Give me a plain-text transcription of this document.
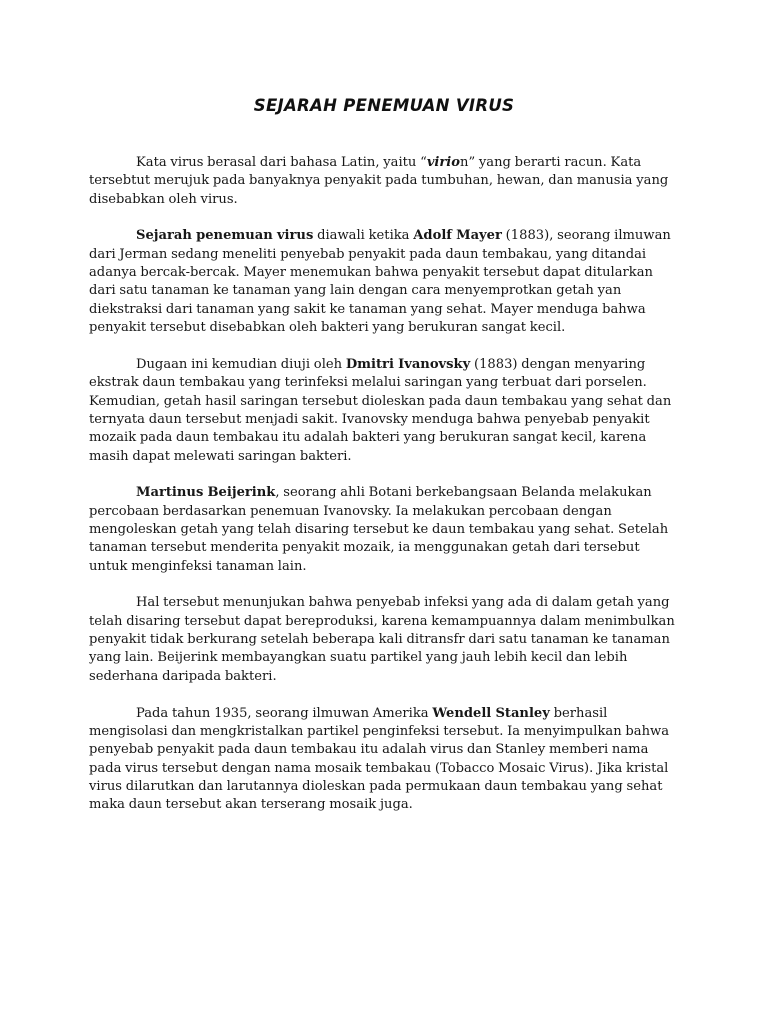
SEJARAH PENEMUAN VIRUS

Kata virus berasal dari bahasa Latin, yaitu “virion” yang berarti racun. Kata tersebtut merujuk pada banyaknya penyakit pada tumbuhan, hewan, dan manusia yang disebabkan oleh virus.

Sejarah penemuan virus diawali ketika Adolf Mayer (1883), seorang ilmuwan dari Jerman sedang meneliti penyebab penyakit pada daun tembakau, yang ditandai adanya bercak-bercak. Mayer menemukan bahwa penyakit tersebut dapat ditularkan dari satu tanaman ke tanaman yang lain dengan cara menyemprotkan getah yan diekstraksi dari tanaman yang sakit ke tanaman yang sehat. Mayer menduga bahwa penyakit tersebut disebabkan oleh bakteri yang berukuran sangat kecil.

Dugaan ini kemudian diuji oleh Dmitri Ivanovsky (1883) dengan menyaring ekstrak daun tembakau yang terinfeksi melalui saringan yang terbuat dari porselen. Kemudian, getah hasil saringan tersebut dioleskan pada daun tembakau yang sehat dan ternyata daun tersebut menjadi sakit. Ivanovsky menduga bahwa penyebab penyakit mozaik pada daun tembakau itu adalah bakteri yang berukuran sangat kecil, karena masih dapat melewati saringan bakteri.

Martinus Beijerink, seorang ahli Botani berkebangsaan Belanda melakukan percobaan berdasarkan penemuan Ivanovsky. Ia melakukan percobaan dengan mengoleskan getah yang telah disaring tersebut ke daun tembakau yang sehat. Setelah tanaman tersebut menderita penyakit mozaik, ia menggunakan getah dari tersebut untuk menginfeksi tanaman lain.

Hal tersebut menunjukan bahwa penyebab infeksi yang ada di dalam getah yang telah disaring tersebut dapat bereproduksi, karena kemampuannya dalam menimbulkan penyakit tidak berkurang setelah beberapa kali ditransfr dari satu tanaman ke tanaman yang lain. Beijerink membayangkan suatu partikel yang jauh lebih kecil dan lebih sederhana daripada bakteri.

Pada tahun 1935, seorang ilmuwan Amerika Wendell Stanley berhasil mengisolasi dan mengkristalkan partikel penginfeksi tersebut. Ia menyimpulkan bahwa penyebab penyakit pada daun tembakau itu adalah virus dan Stanley memberi nama pada virus tersebut dengan nama mosaik tembakau (Tobacco Mosaic Virus). Jika kristal virus dilarutkan dan larutannya dioleskan pada permukaan daun tembakau yang sehat maka daun tersebut akan terserang mosaik juga.
